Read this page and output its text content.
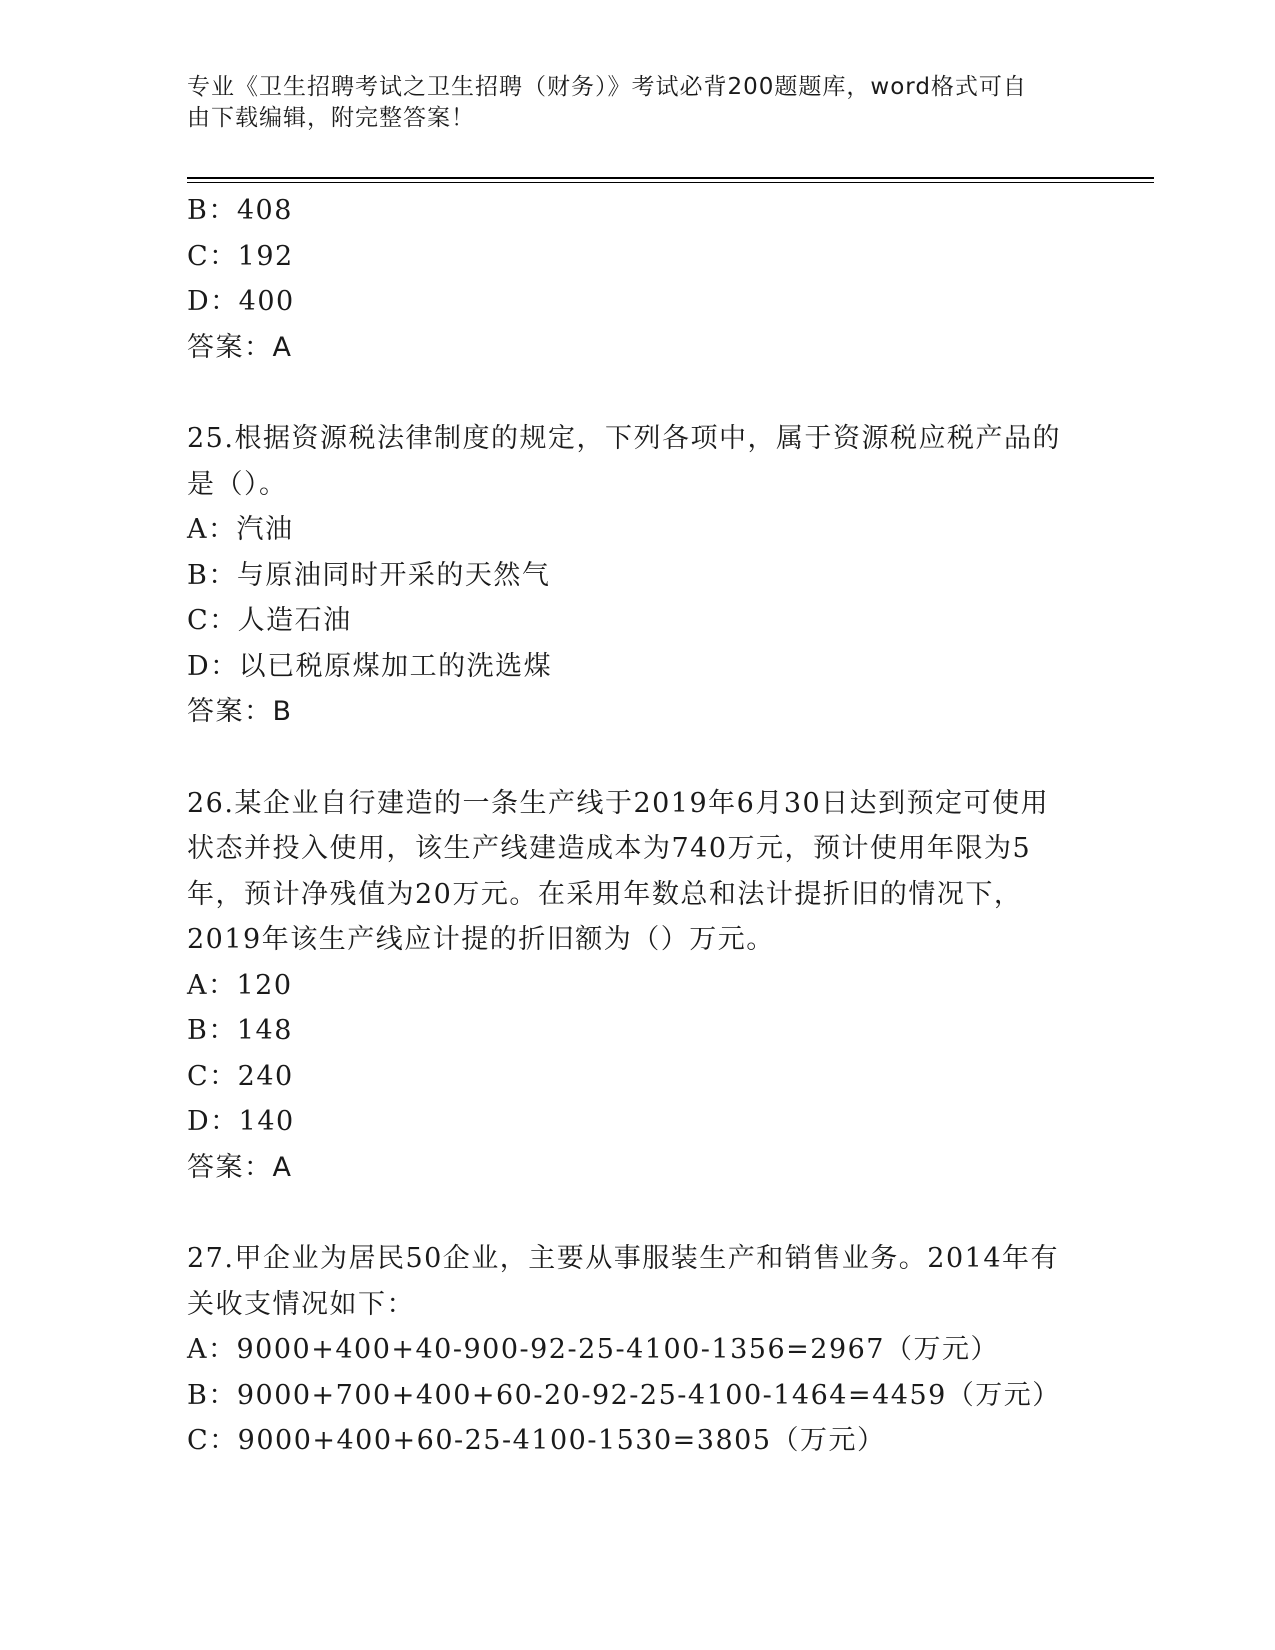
专业《卫生招聘考试之卫生招聘（财务）》考试必背200题题库，word格式可自
由下载编辑，附完整答案！
B：408
C：192
D：400
答案：A
25.根据资源税法律制度的规定，下列各项中，属于资源税应税产品的
是（）。
A：汽油
B：与原油同时开采的天然气
C：人造石油
D：以已税原煤加工的洗选煤
答案：B
26.某企业自行建造的一条生产线于2019年6月30日达到预定可使用
状态并投入使用，该生产线建造成本为740万元，预计使用年限为5
年，预计净残值为20万元。在采用年数总和法计提折旧的情况下，
2019年该生产线应计提的折旧额为（）万元。
A：120
B：148
C：240
D：140
答案：A
27.甲企业为居民50企业，主要从事服装生产和销售业务。2014年有
关收支情况如下：
A：9000+400+40-900-92-25-4100-1356=2967（万元）
B：9000+700+400+60-20-92-25-4100-1464=4459（万元）
C：9000+400+60-25-4100-1530=3805（万元）
